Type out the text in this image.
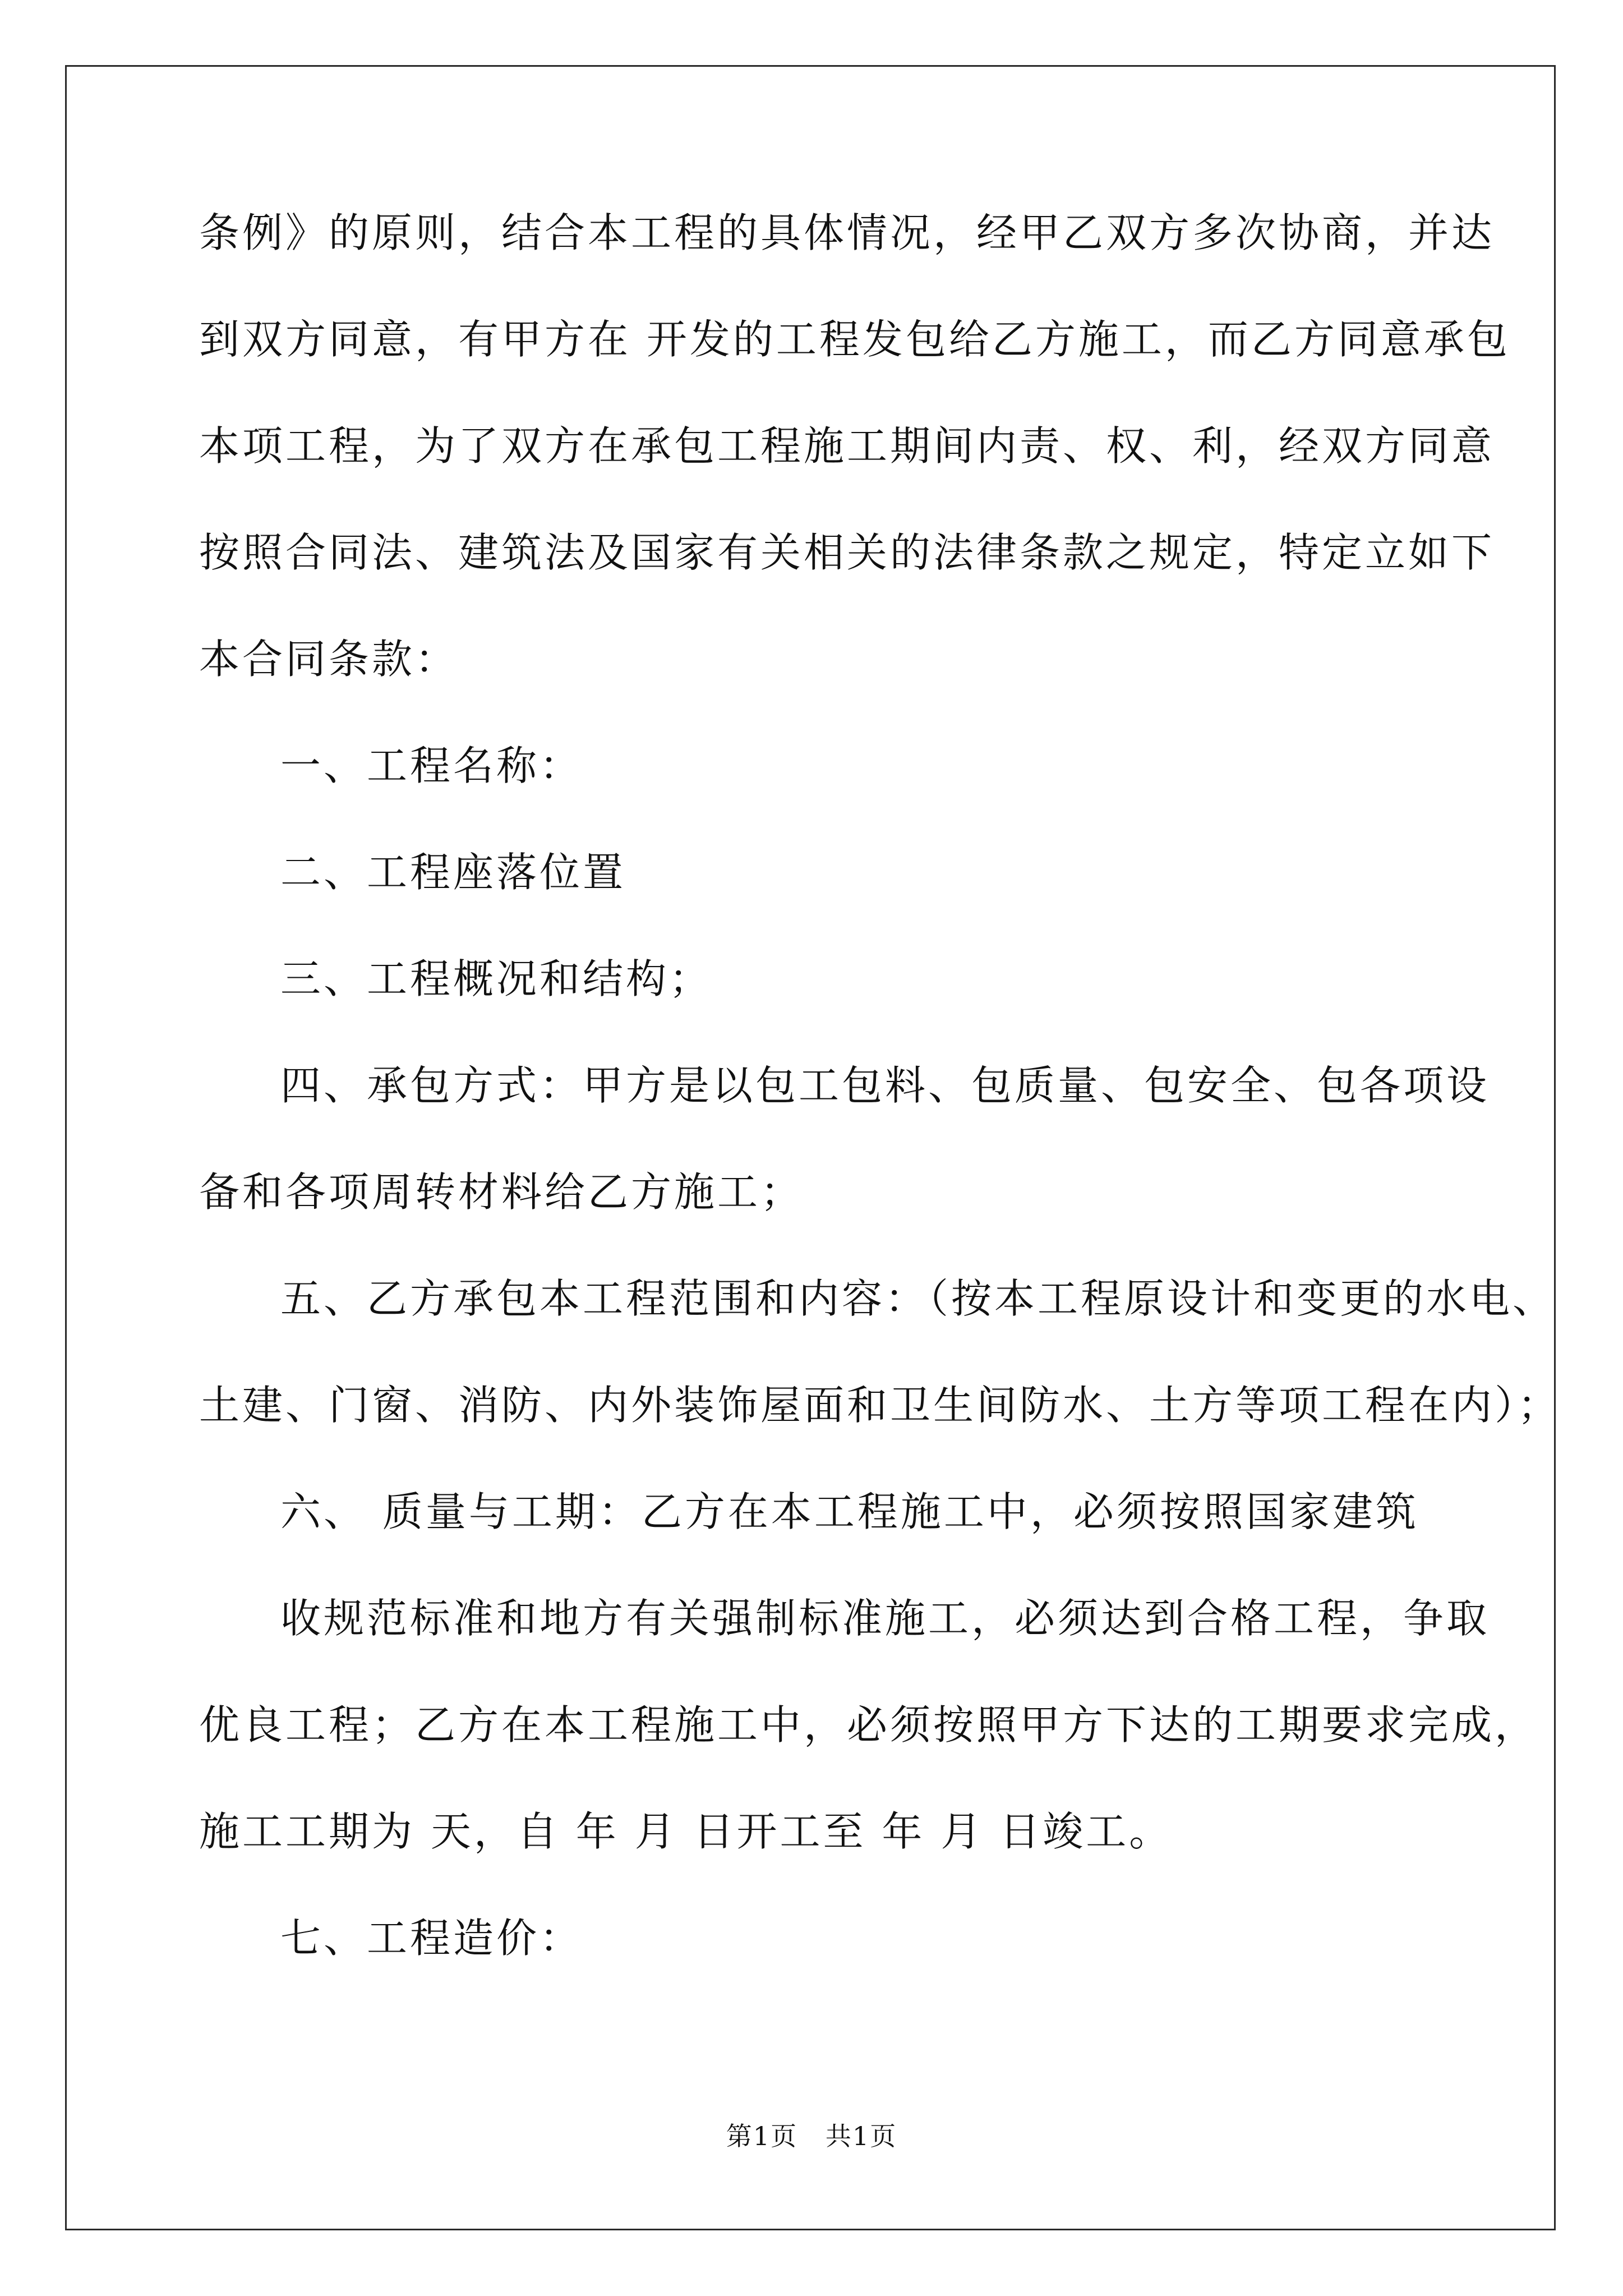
条例》的原则，结合本工程的具体情况，经甲乙双方多次协商，并达
到双方同意，有甲方在 开发的工程发包给乙方施工，而乙方同意承包
本项工程，为了双方在承包工程施工期间内责、权、利，经双方同意
按照合同法、建筑法及国家有关相关的法律条款之规定，特定立如下
本合同条款：
一、工程名称：
二、工程座落位置
三、工程概况和结构；
四、承包方式：甲方是以包工包料、包质量、包安全、包各项设
备和各项周转材料给乙方施工；
五、乙方承包本工程范围和内容：（按本工程原设计和变更的水电、
土建、门窗、消防、内外装饰屋面和卫生间防水、土方等项工程在内）；
六、 质量与工期：乙方在本工程施工中，必须按照国家建筑
收规范标准和地方有关强制标准施工，必须达到合格工程，争取
优良工程；乙方在本工程施工中，必须按照甲方下达的工期要求完成，
施工工期为 天，自 年 月 日开工至 年 月 日竣工。
七、工程造价：
第1页   共1页
